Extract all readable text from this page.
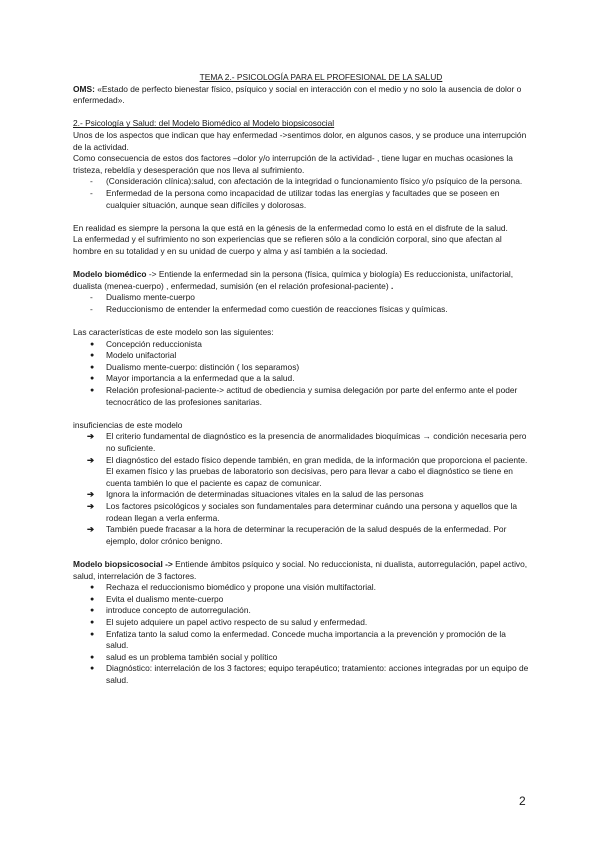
TEMA 2.- PSICOLOGÍA PARA EL PROFESIONAL DE LA SALUD

OMS: «Estado de perfecto bienestar físico, psíquico y social en interacción con el medio y no solo la ausencia de dolor o enfermedad».

2.- Psicología y Salud: del Modelo Biomédico al Modelo biopsicosocial

Unos de los aspectos que indican que hay enfermedad ->sentimos dolor, en algunos casos, y se produce una interrupción de la actividad.

Como consecuencia de estos dos factores –dolor y/o interrupción de la actividad- , tiene lugar en muchas ocasiones la tristeza, rebeldía y desesperación que nos lleva al sufrimiento.

- (Consideración clínica):salud, con afectación de la integridad o funcionamiento físico y/o psíquico de la persona.
- Enfermedad de la persona como incapacidad de utilizar todas las energías y facultades que se poseen en cualquier situación, aunque sean difíciles y dolorosas.

En realidad es siempre la persona la que está en la génesis de la enfermedad como lo está en el disfrute de la salud.

La enfermedad y el sufrimiento no son experiencias que se refieren sólo a la condición corporal, sino que afectan al hombre en su totalidad y en su unidad de cuerpo y alma y así también a la sociedad.

Modelo biomédico -> Entiende la enfermedad sin la persona (física, química y biología) Es reduccionista, unifactorial, dualista (menea-cuerpo) , enfermedad, sumisión (en el relación profesional-paciente) .

- Dualismo mente-cuerpo
- Reduccionismo de entender la enfermedad como cuestión de reacciones físicas y químicas.

Las características de este modelo son las siguientes:

● Concepción reduccionista
● Modelo unifactorial
● Dualismo mente-cuerpo: distinción ( los separamos)
● Mayor importancia a la enfermedad que a la salud.
● Relación profesional-paciente-> actitud de obediencia y sumisa delegación por parte del enfermo ante el poder tecnocrático de las profesiones sanitarias.

insuficiencias de este modelo

➔ El criterio fundamental de diagnóstico es la presencia de anormalidades bioquímicas → condición necesaria pero no suficiente.
➔ El diagnóstico del estado físico depende también, en gran medida, de la información que proporciona el paciente. El examen físico y las pruebas de laboratorio son decisivas, pero para llevar a cabo el diagnóstico se tiene en cuenta también lo que el paciente es capaz de comunicar.
➔ Ignora la información de determinadas situaciones vitales en la salud de las personas
➔ Los factores psicológicos y sociales son fundamentales para determinar cuándo una persona y aquellos que la rodean llegan a verla enferma.
➔ También puede fracasar a la hora de determinar la recuperación de la salud después de la enfermedad. Por ejemplo, dolor crónico benigno.

Modelo biopsicosocial -> Entiende ámbitos psíquico y social. No reduccionista, ni dualista, autorregulación, papel activo, salud, interrelación de 3 factores.

● Rechaza el reduccionismo biomédico y propone una visión multifactorial.
● Evita el dualismo mente-cuerpo
● introduce concepto de autorregulación.
● El sujeto adquiere un papel activo respecto de su salud y enfermedad.
● Enfatiza tanto la salud como la enfermedad. Concede mucha importancia a la prevención y promoción de la salud.
● salud es un problema también social y político
● Diagnóstico: interrelación de los 3 factores; equipo terapéutico; tratamiento: acciones integradas por un equipo de salud.
2
